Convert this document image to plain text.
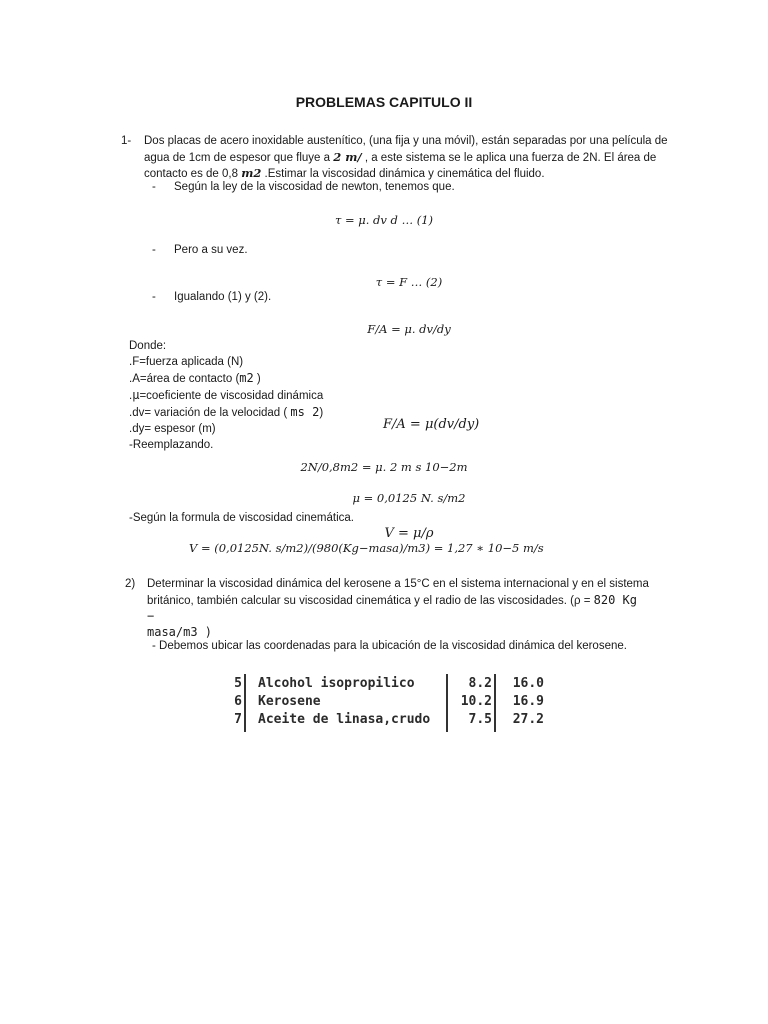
PROBLEMAS CAPITULO II
1- Dos placas de acero inoxidable austenítico, (una fija y una móvil), están separadas por una película de
agua de 1cm de espesor que fluye a 2 m/ , a este sistema se le aplica una fuerza de 2N. El área de
contacto es de 0,8 m2 .Estimar la viscosidad dinámica y cinemática del fluido.
- Según la ley de la viscosidad de newton, tenemos que.
τ = μ. dv d … (1)
- Pero a su vez.
τ = F … (2)
- Igualando (1) y (2).
F/A = μ. dv/dy
Donde:
.F=fuerza aplicada (N)
.A=área de contacto (m2 )
.μ=coeficiente de viscosidad dinámica
.dv= variación de la velocidad ( ms 2)
.dy= espesor (m)
-Reemplazando.
F/A = μ(dv/dy)
2N/0,8m2 = μ. 2 m s 10−2m
μ = 0,0125 N. s/m2
-Según la formula de viscosidad cinemática.
V = μ/ρ
V = (0,0125N. s/m2)/(980(Kg−masa)/m3) = 1,27 ∗ 10−5 m/s
2) Determinar la viscosidad dinámica del kerosene a 15°C en el sistema internacional y en el sistema
británico, también calcular su viscosidad cinemática y el radio de las viscosidades. (ρ = 820 Kg
−
masa/m3 )
- Debemos ubicar las coordenadas para la ubicación de la viscosidad dinámica del kerosene.
5 Alcohol isopropilico	8.2	16.0
6 Kerosene	10.2	16.9
7 Aceite de linasa,crudo	7.5	27.2
